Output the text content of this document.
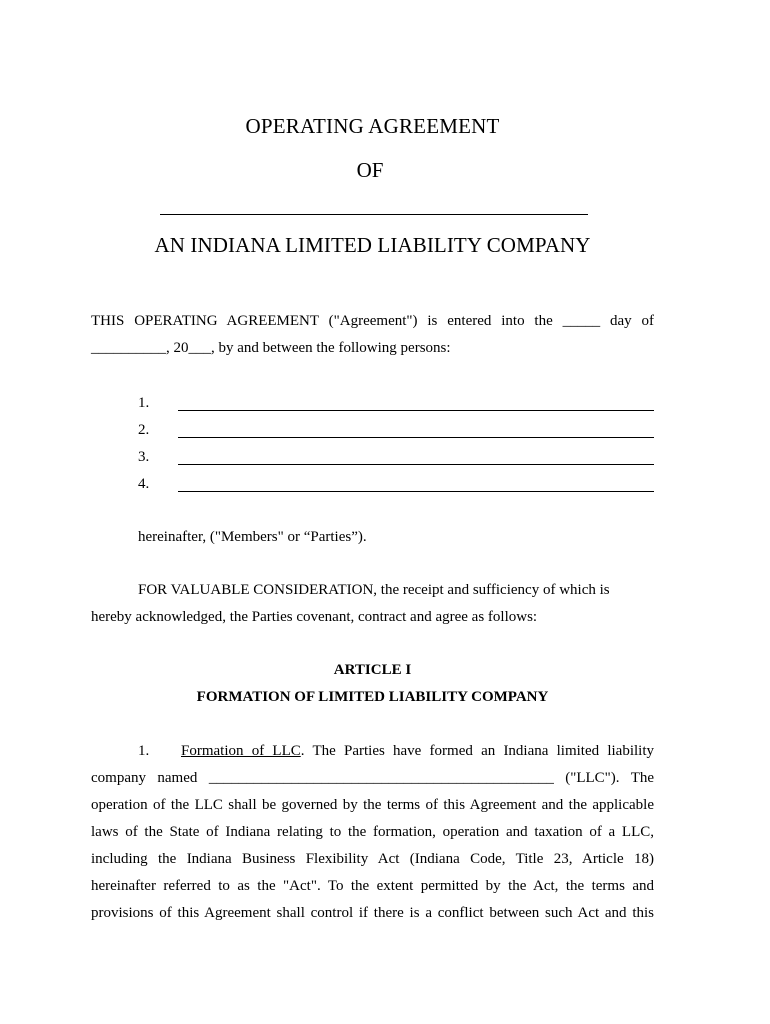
OPERATING AGREEMENT
OF
AN INDIANA LIMITED LIABILITY COMPANY
THIS OPERATING AGREEMENT ("Agreement") is entered into the _____ day of
__________, 20___, by and between the following persons:
1.
2.
3.
4.
hereinafter, ("Members" or “Parties”).
FOR VALUABLE CONSIDERATION, the receipt and sufficiency of which is
hereby acknowledged, the Parties covenant, contract and agree as follows:
ARTICLE I
FORMATION OF LIMITED LIABILITY COMPANY
1. Formation of LLC. The Parties have formed an Indiana limited liability
company named ______________________________________________ ("LLC"). The
operation of the LLC shall be governed by the terms of this Agreement and the applicable
laws of the State of Indiana relating to the formation, operation and taxation of a LLC,
including the Indiana Business Flexibility Act (Indiana Code, Title 23, Article 18)
hereinafter referred to as the "Act". To the extent permitted by the Act, the terms and
provisions of this Agreement shall control if there is a conflict between such Act and this
